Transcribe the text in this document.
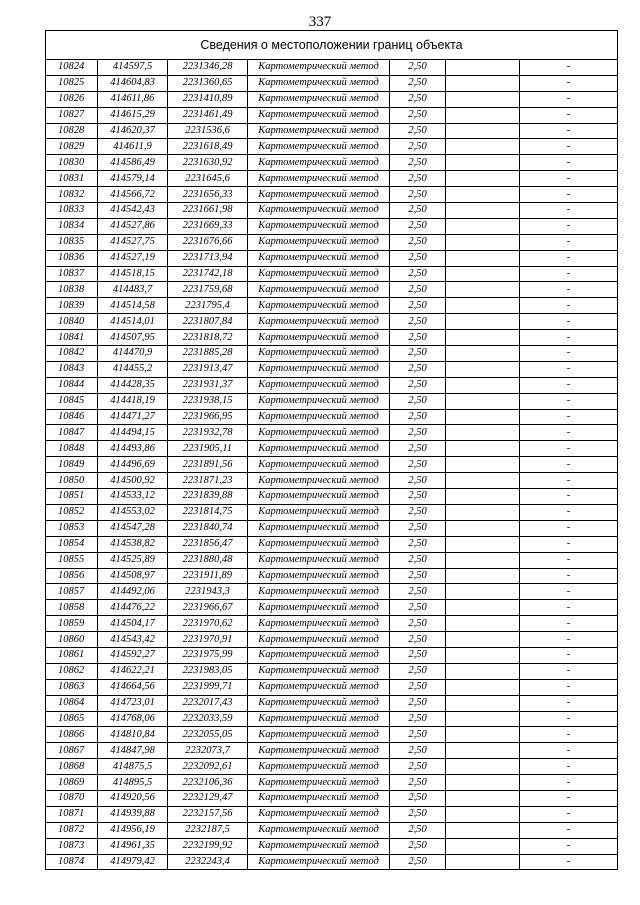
337
Сведения о местоположении границ объекта						
10824	414597,5	2231346,28	Картометрический метод	2,50		-
10825	414604,83	2231360,65	Картометрический метод	2,50		-
10826	414611,86	2231410,89	Картометрический метод	2,50		-
10827	414615,29	2231461,49	Картометрический метод	2,50		-
10828	414620,37	2231536,6	Картометрический метод	2,50		-
10829	414611,9	2231618,49	Картометрический метод	2,50		-
10830	414586,49	2231630,92	Картометрический метод	2,50		-
10831	414579,14	2231645,6	Картометрический метод	2,50		-
10832	414566,72	2231656,33	Картометрический метод	2,50		-
10833	414542,43	2231661,98	Картометрический метод	2,50		-
10834	414527,86	2231669,33	Картометрический метод	2,50		-
10835	414527,75	2231676,66	Картометрический метод	2,50		-
10836	414527,19	2231713,94	Картометрический метод	2,50		-
10837	414518,15	2231742,18	Картометрический метод	2,50		-
10838	414483,7	2231759,68	Картометрический метод	2,50		-
10839	414514,58	2231795,4	Картометрический метод	2,50		-
10840	414514,01	2231807,84	Картометрический метод	2,50		-
10841	414507,95	2231818,72	Картометрический метод	2,50		-
10842	414470,9	2231885,28	Картометрический метод	2,50		-
10843	414455,2	2231913,47	Картометрический метод	2,50		-
10844	414428,35	2231931,37	Картометрический метод	2,50		-
10845	414418,19	2231938,15	Картометрический метод	2,50		-
10846	414471,27	2231966,95	Картометрический метод	2,50		-
10847	414494,15	2231932,78	Картометрический метод	2,50		-
10848	414493,86	2231905,11	Картометрический метод	2,50		-
10849	414496,69	2231891,56	Картометрический метод	2,50		-
10850	414500,92	2231871,23	Картометрический метод	2,50		-
10851	414533,12	2231839,88	Картометрический метод	2,50		-
10852	414553,02	2231814,75	Картометрический метод	2,50		-
10853	414547,28	2231840,74	Картометрический метод	2,50		-
10854	414538,82	2231856,47	Картометрический метод	2,50		-
10855	414525,89	2231880,48	Картометрический метод	2,50		-
10856	414508,97	2231911,89	Картометрический метод	2,50		-
10857	414492,06	2231943,3	Картометрический метод	2,50		-
10858	414476,22	2231966,67	Картометрический метод	2,50		-
10859	414504,17	2231970,62	Картометрический метод	2,50		-
10860	414543,42	2231970,91	Картометрический метод	2,50		-
10861	414592,27	2231975,99	Картометрический метод	2,50		-
10862	414622,21	2231983,05	Картометрический метод	2,50		-
10863	414664,56	2231999,71	Картометрический метод	2,50		-
10864	414723,01	2232017,43	Картометрический метод	2,50		-
10865	414768,06	2232033,59	Картометрический метод	2,50		-
10866	414810,84	2232055,05	Картометрический метод	2,50		-
10867	414847,98	2232073,7	Картометрический метод	2,50		-
10868	414875,5	2232092,61	Картометрический метод	2,50		-
10869	414895,5	2232106,36	Картометрический метод	2,50		-
10870	414920,56	2232129,47	Картометрический метод	2,50		-
10871	414939,88	2232157,56	Картометрический метод	2,50		-
10872	414956,19	2232187,5	Картометрический метод	2,50		-
10873	414961,35	2232199,92	Картометрический метод	2,50		-
10874	414979,42	2232243,4	Картометрический метод	2,50		-
